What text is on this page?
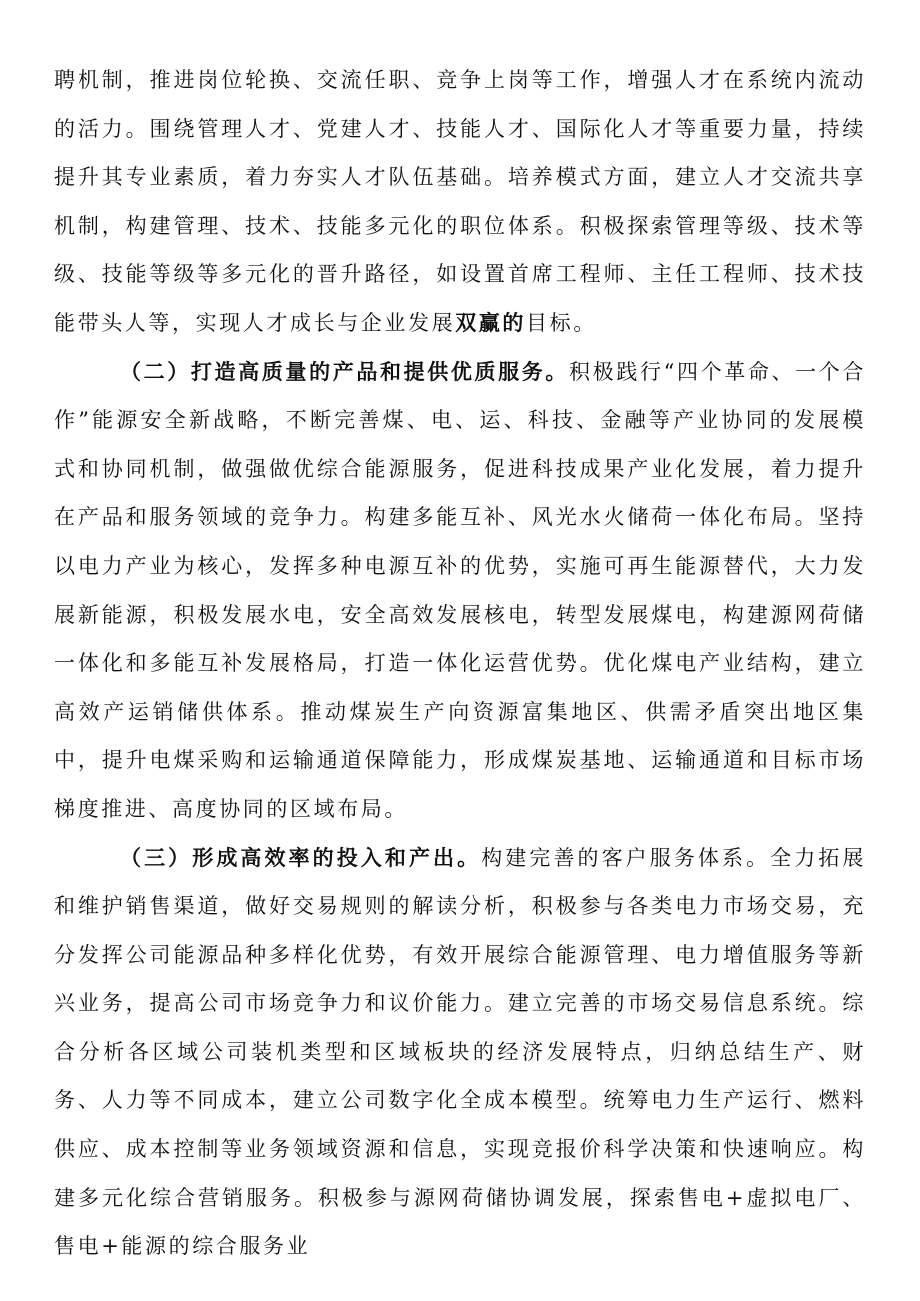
聘机制，推进岗位轮换、交流任职、竞争上岗等工作，增强人才在系统内流动的活力。围绕管理人才、党建人才、技能人才、国际化人才等重要力量，持续提升其专业素质，着力夯实人才队伍基础。培养模式方面，建立人才交流共享机制，构建管理、技术、技能多元化的职位体系。积极探索管理等级、技术等级、技能等级等多元化的晋升路径，如设置首席工程师、主任工程师、技术技能带头人等，实现人才成长与企业发展双赢的目标。

（二）打造高质量的产品和提供优质服务。积极践行“四个革命、一个合作”能源安全新战略，不断完善煤、电、运、科技、金融等产业协同的发展模式和协同机制，做强做优综合能源服务，促进科技成果产业化发展，着力提升在产品和服务领域的竞争力。构建多能互补、风光水火储荷一体化布局。坚持以电力产业为核心，发挥多种电源互补的优势，实施可再生能源替代，大力发展新能源，积极发展水电，安全高效发展核电，转型发展煤电，构建源网荷储一体化和多能互补发展格局，打造一体化运营优势。优化煤电产业结构，建立高效产运销储供体系。推动煤炭生产向资源富集地区、供需矛盾突出地区集中，提升电煤采购和运输通道保障能力，形成煤炭基地、运输通道和目标市场梯度推进、高度协同的区域布局。

（三）形成高效率的投入和产出。构建完善的客户服务体系。全力拓展和维护销售渠道，做好交易规则的解读分析，积极参与各类电力市场交易，充分发挥公司能源品种多样化优势，有效开展综合能源管理、电力增值服务等新兴业务，提高公司市场竞争力和议价能力。建立完善的市场交易信息系统。综合分析各区域公司装机类型和区域板块的经济发展特点，归纳总结生产、财务、人力等不同成本，建立公司数字化全成本模型。统筹电力生产运行、燃料供应、成本控制等业务领域资源和信息，实现竞报价科学决策和快速响应。构建多元化综合营销服务。积极参与源网荷储协调发展，探索售电+虚拟电厂、售电+能源的综合服务业
